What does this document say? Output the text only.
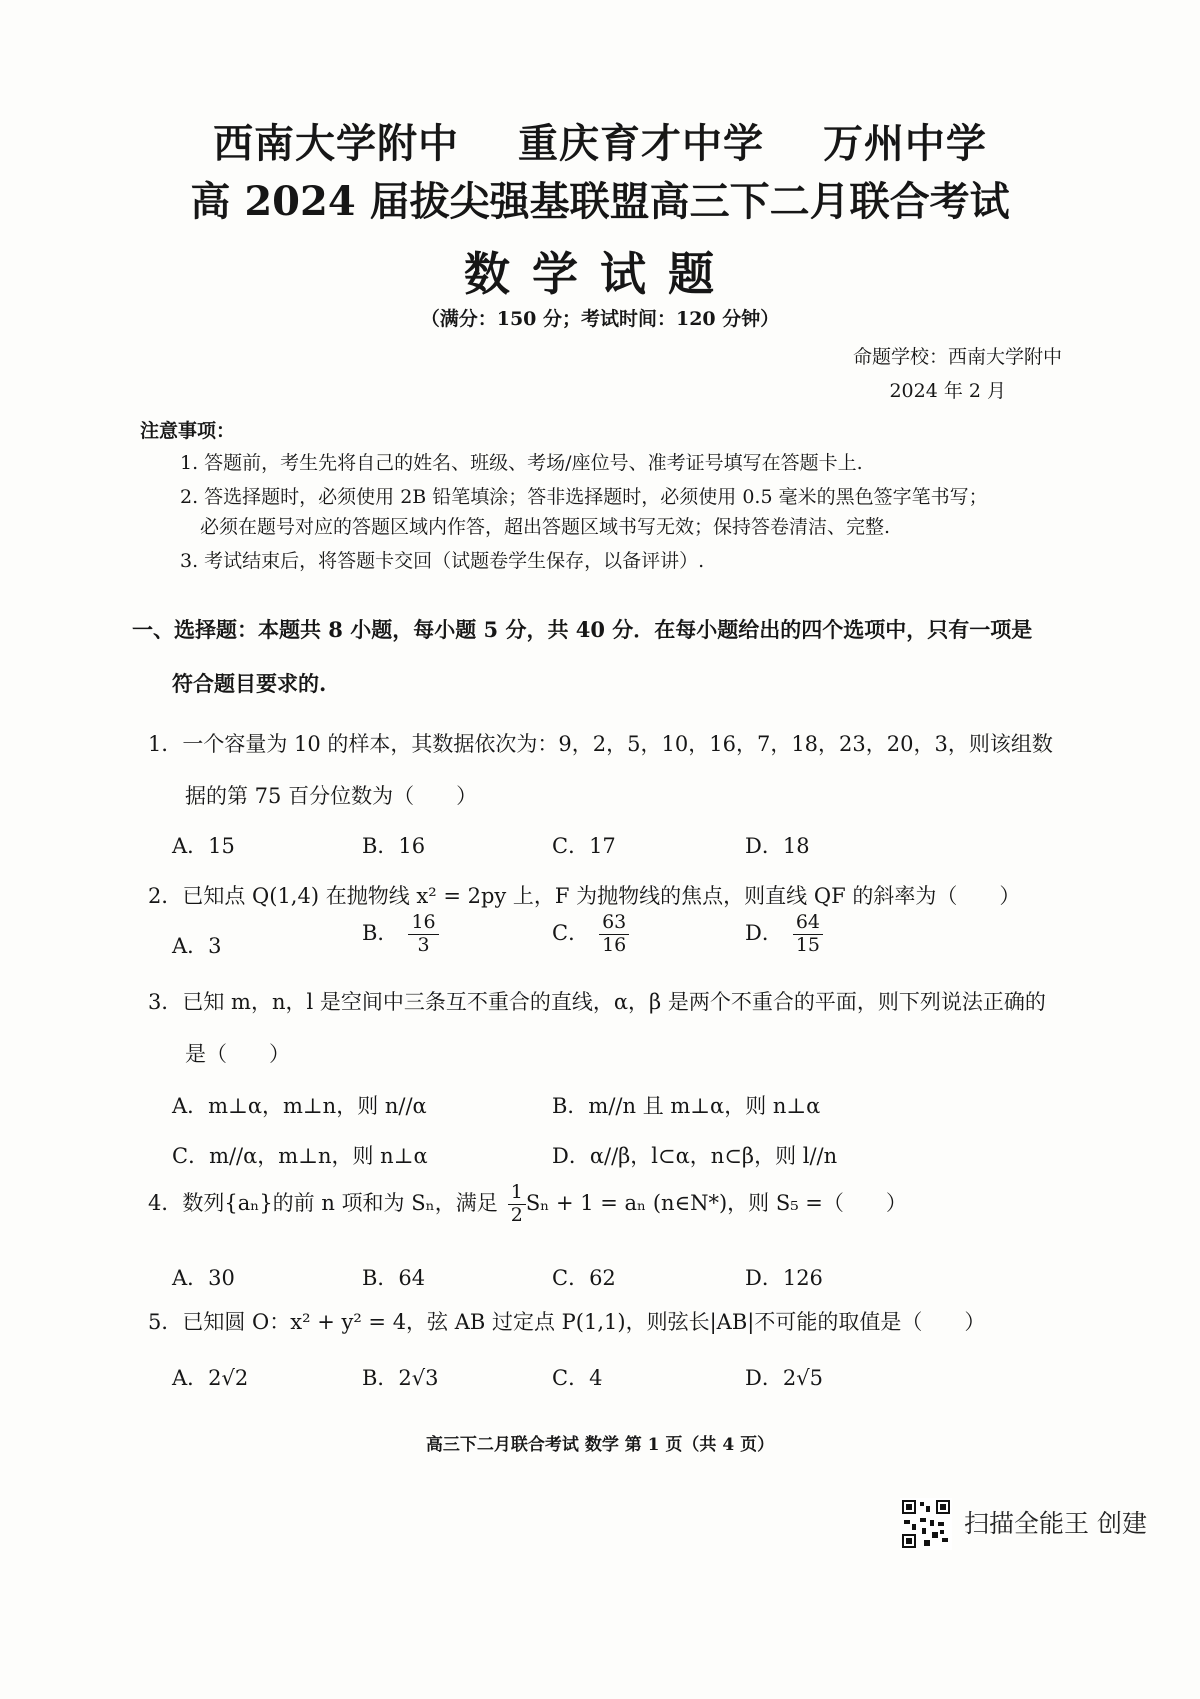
西南大学附中 重庆育才中学 万州中学
高 2024 届拔尖强基联盟高三下二月联合考试
数学试题
（满分：150 分；考试时间：120 分钟）
命题学校：西南大学附中
2024 年 2 月
注意事项：
1. 答题前，考生先将自己的姓名、班级、考场/座位号、准考证号填写在答题卡上.
2. 答选择题时，必须使用 2B 铅笔填涂；答非选择题时，必须使用 0.5 毫米的黑色签字笔书写；
必须在题号对应的答题区域内作答，超出答题区域书写无效；保持答卷清洁、完整.
3. 考试结束后，将答题卡交回（试题卷学生保存，以备评讲）.
一、选择题：本题共 8 小题，每小题 5 分，共 40 分．在每小题给出的四个选项中，只有一项是
符合题目要求的.
1．一个容量为 10 的样本，其数据依次为：9，2，5，10，16，7，18，23，20，3，则该组数
据的第 75 百分位数为（　　）
A．15	B．16	C．17	D．18
2．已知点 Q(1,4) 在抛物线 x² = 2py 上，F 为抛物线的焦点，则直线 QF 的斜率为（　　）
A．3
B． $\frac{16}{3}$	C． $\frac{63}{16}$	D． $\frac{64}{15}$
3．已知 m，n，l 是空间中三条互不重合的直线，α，β 是两个不重合的平面，则下列说法正确的
是（　　）
A．m⊥α，m⊥n，则 n//α	B．m//n 且 m⊥α，则 n⊥α
C．m//α，m⊥n，则 n⊥α	D．α//β，l⊂α，n⊂β，则 l//n
4．数列{aₙ}的前 n 项和为 Sₙ，满足 $\frac{1}{2}$ Sₙ + 1 = aₙ (n∈N*)，则 S₅ =（　　）
A．30	B．64	C．62	D．126
5．已知圆 O：x² + y² = 4，弦 AB 过定点 P(1,1)，则弦长|AB|不可能的取值是（　　）
A．2√2	B．2√3	C．4	D．2√5
高三下二月联合考试 数学 第 1 页（共 4 页）
扫描全能王 创建
